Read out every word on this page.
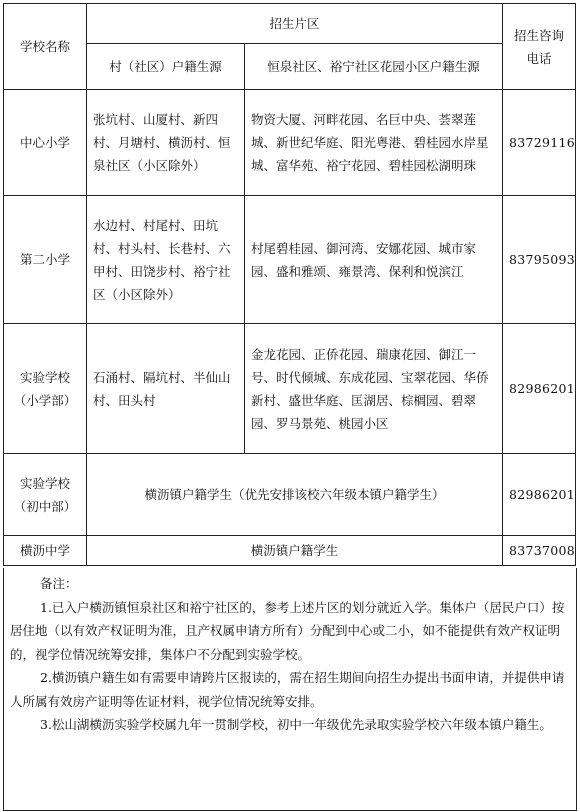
学校名称	招生片区		招生咨询电话
	村（社区）户籍生源	恒泉社区、裕宁社区花园小区户籍生源	
中心小学	张坑村、山厦村、新四村、月塘村、横沥村、恒泉社区（小区除外）	物资大厦、河畔花园、名巨中央、荟翠莲城、新世纪华庭、阳光粤港、碧桂园水岸星城、富华苑、裕宁花园、碧桂园松湖明珠	83729116
第二小学	水边村、村尾村、田坑村、村头村、长巷村、六甲村、田饶步村、裕宁社区（小区除外）	村尾碧桂园、御河湾、安娜花园、城市家园、盛和雅颂、雍景湾、保利和悦滨江	83795093
实验学校（小学部）	石涌村、隔坑村、半仙山村、田头村	金龙花园、正侨花园、瑞康花园、御江一号、时代倾城、东成花园、宝翠花园、华侨新村、盛世华庭、匡湖居、棕榈园、碧翠园、罗马景苑、桃园小区	82986201
实验学校（初中部）	横沥镇户籍学生（优先安排该校六年级本镇户籍学生）		82986201
横沥中学	横沥镇户籍学生		83737008
备注：

1.已入户横沥镇恒泉社区和裕宁社区的，参考上述片区的划分就近入学。集体户（居民户口）按居住地（以有效产权证明为准，且产权属申请方所有）分配到中心或二小，如不能提供有效产权证明的，视学位情况统筹安排，集体户不分配到实验学校。

2.横沥镇户籍生如有需要申请跨片区报读的，需在招生期间向招生办提出书面申请，并提供申请人所属有效房产证明等佐证材料，视学位情况统筹安排。

3.松山湖横沥实验学校属九年一贯制学校，初中一年级优先录取实验学校六年级本镇户籍生。
